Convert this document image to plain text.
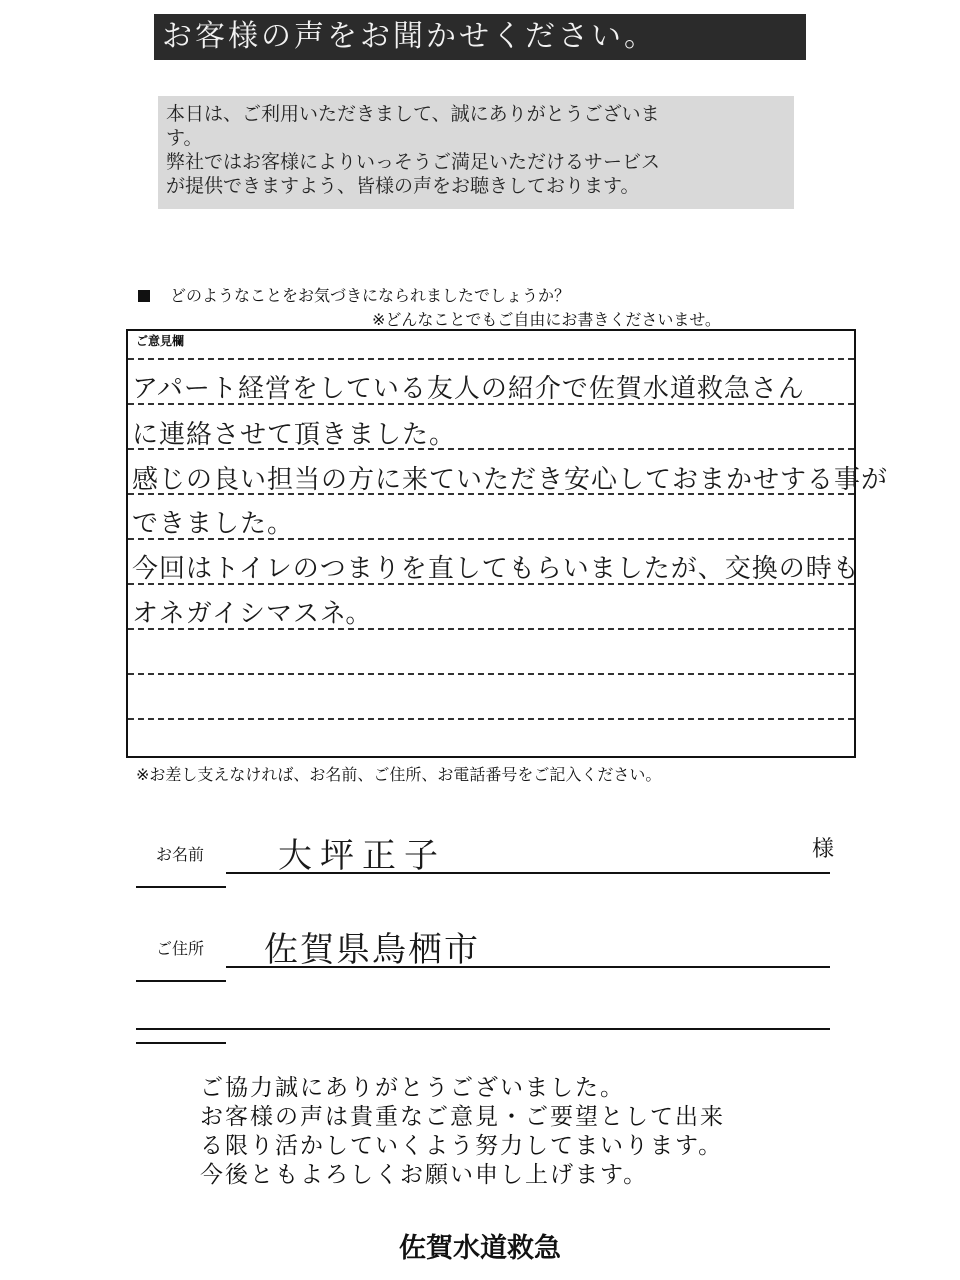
お客様の声をお聞かせください。
本日は、ご利用いただきまして、誠にありがとうございま
す。
弊社ではお客様によりいっそうご満足いただけるサービス
が提供できますよう、皆様の声をお聴きしております。
どのようなことをお気づきになられましたでしょうか？
※どんなことでもご自由にお書きくださいませ。
ご意見欄
アパート経営をしている友人の紹介で佐賀水道救急さん
に連絡させて頂きました。
感じの良い担当の方に来ていただき安心しておまかせする事が
できました。
今回はトイレのつまりを直してもらいましたが、交換の時も
オネガイシマスネ。
※お差し支えなければ、お名前、ご住所、お電話番号をご記入ください。
お名前 大坪正子	様
ご住所 佐賀県鳥栖市
ご協力誠にありがとうございました。
お客様の声は貴重なご意見・ご要望として出来
る限り活かしていくよう努力してまいります。
今後ともよろしくお願い申し上げます。
佐賀水道救急
